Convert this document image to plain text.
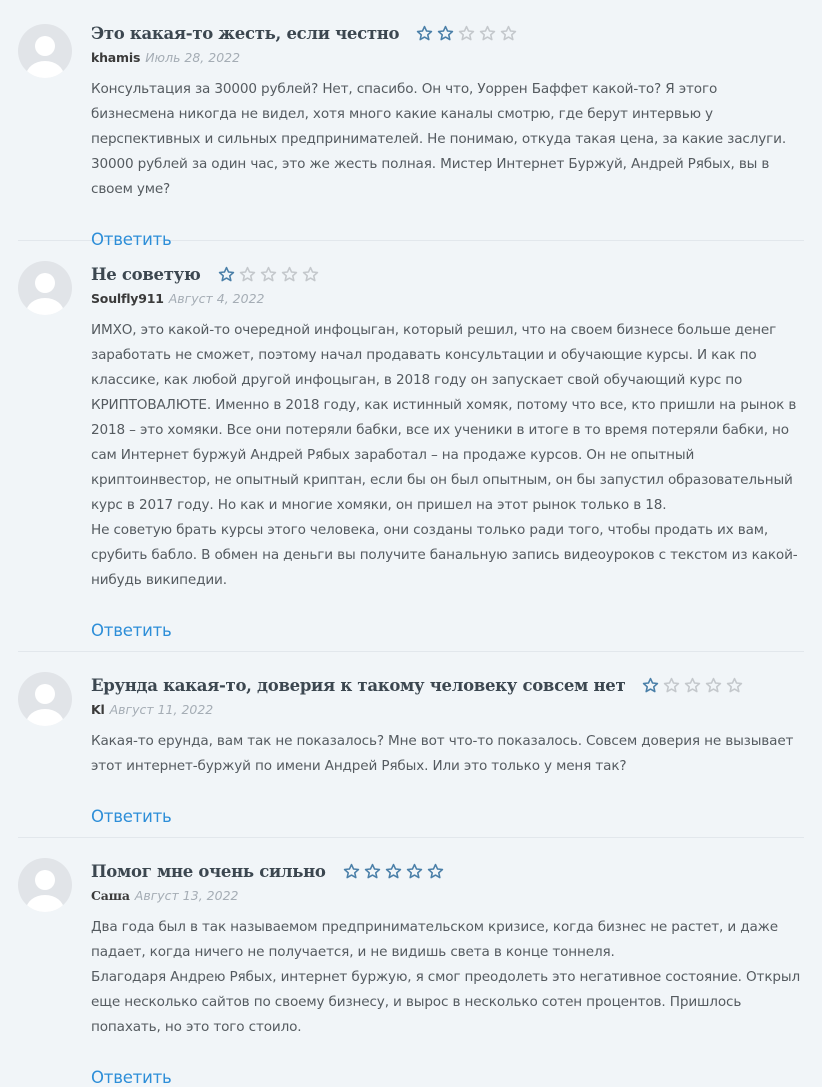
Это какая-то жесть, если честно
khamis Июль 28, 2022

Консультация за 30000 рублей? Нет, спасибо. Он что, Уоррен Баффет какой-то? Я этого бизнесмена никогда не видел, хотя много какие каналы смотрю, где берут интервью у перспективных и сильных предпринимателей. Не понимаю, откуда такая цена, за какие заслуги. 30000 рублей за один час, это же жесть полная. Мистер Интернет Буржуй, Андрей Рябых, вы в своем уме?

Ответить
Не советую
Soulfly911 Август 4, 2022

ИМХО, это какой-то очередной инфоцыган, который решил, что на своем бизнесе больше денег заработать не сможет, поэтому начал продавать консультации и обучающие курсы. И как по классике, как любой другой инфоцыган, в 2018 году он запускает свой обучающий курс по КРИПТОВАЛЮТЕ. Именно в 2018 году, как истинный хомяк, потому что все, кто пришли на рынок в 2018 – это хомяки. Все они потеряли бабки, все их ученики в итоге в то время потеряли бабки, но сам Интернет буржуй Андрей Рябых заработал – на продаже курсов. Он не опытный криптоинвестор, не опытный криптан, если бы он был опытным, он бы запустил образовательный курс в 2017 году. Но как и многие хомяки, он пришел на этот рынок только в 18.

Не советую брать курсы этого человека, они созданы только ради того, чтобы продать их вам, срубить бабло. В обмен на деньги вы получите банальную запись видеоуроков с текстом из какой-нибудь википедии.

Ответить
Ерунда какая-то, доверия к такому человеку совсем нет
Kl Август 11, 2022

Какая-то ерунда, вам так не показалось? Мне вот что-то показалось. Совсем доверия не вызывает этот интернет-буржуй по имени Андрей Рябых. Или это только у меня так?

Ответить
Помог мне очень сильно
Саша Август 13, 2022

Два года был в так называемом предпринимательском кризисе, когда бизнес не растет, и даже падает, когда ничего не получается, и не видишь света в конце тоннеля.

Благодаря Андрею Рябых, интернет буржую, я смог преодолеть это негативное состояние. Открыл еще несколько сайтов по своему бизнесу, и вырос в несколько сотен процентов. Пришлось попахать, но это того стоило.

Ответить
